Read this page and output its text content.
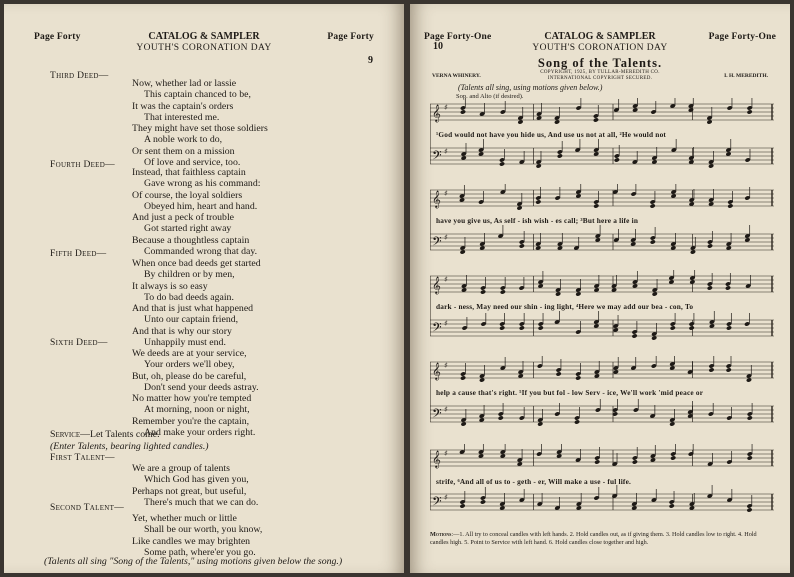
Page Forty	CATALOG & SAMPLER	Page Forty
YOUTH'S CORONATION DAY
9
Third Deed—
Now, whether lad or lassie
This captain chanced to be,
It was the captain's orders
That interested me.
They might have set those soldiers
A noble work to do,
Or sent them on a mission
Of love and service, too.
Fourth Deed—
Instead, that faithless captain
Gave wrong as his command:
Of course, the loyal soldiers
Obeyed him, heart and hand.
And just a peck of trouble
Got started right away
Because a thoughtless captain
Commanded wrong that day.
Fifth Deed—
When once bad deeds get started
By children or by men,
It always is so easy
To do bad deeds again.
And that is just what happened
Unto our captain friend,
And that is why our story
Unhappily must end.
Sixth Deed—
We deeds are at your service,
Your orders we'll obey,
But, oh, please do be careful,
Don't send your deeds astray.
No matter how you're tempted
At morning, noon or night,
Remember you're the captain,
And make your orders right.
Service—Let Talents come.
(Enter Talents, bearing lighted candles.)
First Talent—
We are a group of talents
Which God has given you,
Perhaps not great, but useful,
There's much that we can do.
Second Talent—
Yet, whether much or little
Shall be our worth, you know,
Like candles we may brighten
Some path, where'er you go.
(Talents all sing "Song of the Talents," using motions given below the song.)
Page Forty-One	CATALOG & SAMPLER	Page Forty-One
YOUTH'S CORONATION DAY
10
Song of the Talents.
COPYRIGHT, 1925, BY TULLAR-MEREDITH CO.
INTERNATIONAL COPYRIGHT SECURED.
VERNA WHINERY.	I. H. MEREDITH.
(Talents all sing, using motions given below.)
Sop. and Alto (if desired).
𝄞 ♯
𝄢 ♯
¹God would not have you hide us, And use us not at all, ²He would not
𝄞 ♯
𝄢 ♯
have you give us, As self - ish wish - es call; ³But here a life in
𝄞 ♯
𝄢 ♯
dark - ness, May need our shin - ing light, ⁴Here we may add our bea - con, To
𝄞 ♯
𝄢 ♯
help a cause that's right. ⁵If you but fol - low Serv - ice, We'll work 'mid peace or
𝄞 ♯
𝄢 ♯
strife, ⁶And all of us to - geth - er, Will make a use - ful life.
Motions:—1. All try to conceal candles with left hands. 2. Hold candles out, as if giving them. 3. Hold candles low to right. 4. Hold candles high. 5. Point to Service with left hand. 6. Hold candles close together and high.
